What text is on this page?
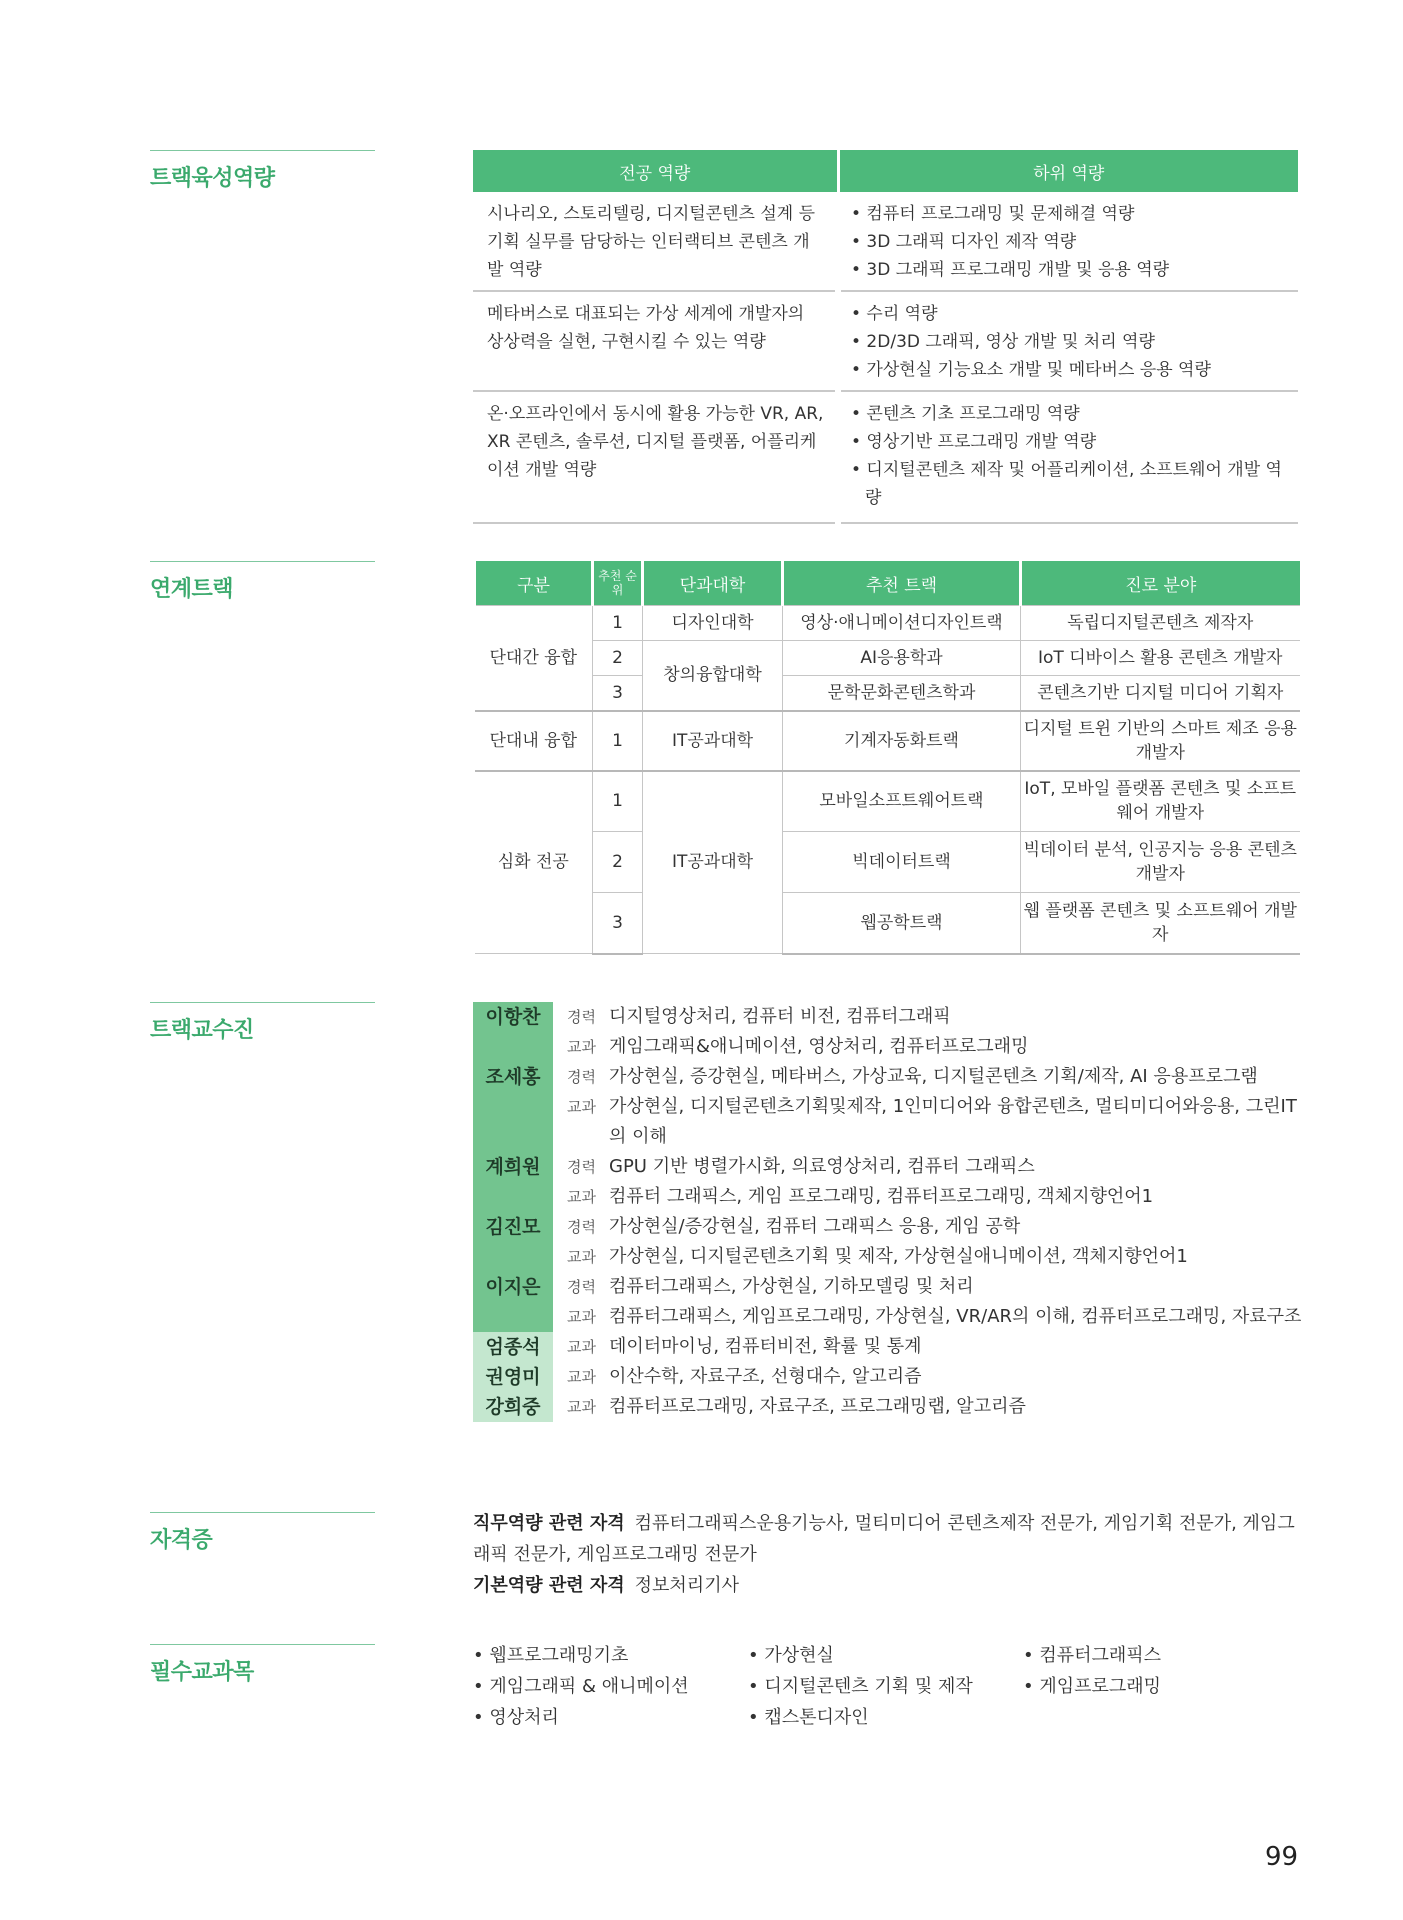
트랙육성역량
연계트랙
트랙교수진
자격증
필수교과목
전공 역량	하위 역량
시나리오, 스토리텔링, 디지털콘텐츠 설계 등 기획 실무를 담당하는 인터랙티브 콘텐츠 개발 역량	• 컴퓨터 프로그래밍 및 문제해결 역량
• 3D 그래픽 디자인 제작 역량
• 3D 그래픽 프로그래밍 개발 및 응용 역량

메타버스로 대표되는 가상 세계에 개발자의 상상력을 실현, 구현시킬 수 있는 역량	• 수리 역량
• 2D/3D 그래픽, 영상 개발 및 처리 역량
• 가상현실 기능요소 개발 및 메타버스 응용 역량

온·오프라인에서 동시에 활용 가능한 VR, AR, XR 콘텐츠, 솔루션, 디지털 플랫폼, 어플리케이션 개발 역량	• 콘텐츠 기초 프로그래밍 역량
• 영상기반 프로그래밍 개발 역량
• 디지털콘텐츠 제작 및 어플리케이션, 소프트웨어 개발 역량
구분	추천 순위	단과대학	추천 트랙	진로 분야
단대간 융합	1	디자인대학	영상·애니메이션디자인트랙	독립디지털콘텐츠 제작자
	2	창의융합대학	AI응용학과	IoT 디바이스 활용 콘텐츠 개발자
	3		문학문화콘텐츠학과	콘텐츠기반 디지털 미디어 기획자
단대내 융합	1	IT공과대학	기계자동화트랙	디지털 트윈 기반의 스마트 제조 응용 개발자
심화 전공	1	IT공과대학	모바일소프트웨어트랙	IoT, 모바일 플랫폼 콘텐츠 및 소프트웨어 개발자
	2		빅데이터트랙	빅데이터 분석, 인공지능 응용 콘텐츠 개발자
	3		웹공학트랙	웹 플랫폼 콘텐츠 및 소프트웨어 개발자
이항찬	경력 디지털영상처리, 컴퓨터 비전, 컴퓨터그래픽
교과 게임그래픽&애니메이션, 영상처리, 컴퓨터프로그래밍
조세홍	경력 가상현실, 증강현실, 메타버스, 가상교육, 디지털콘텐츠 기획/제작, AI 응용프로그램
교과 가상현실, 디지털콘텐츠기획및제작, 1인미디어와 융합콘텐츠, 멀티미디어와응용, 그린IT의 이해
계희원	경력 GPU 기반 병렬가시화, 의료영상처리, 컴퓨터 그래픽스
교과 컴퓨터 그래픽스, 게임 프로그래밍, 컴퓨터프로그래밍, 객체지향언어1
김진모	경력 가상현실/증강현실, 컴퓨터 그래픽스 응용, 게임 공학
교과 가상현실, 디지털콘텐츠기획 및 제작, 가상현실애니메이션, 객체지향언어1
이지은	경력 컴퓨터그래픽스, 가상현실, 기하모델링 및 처리
교과 컴퓨터그래픽스, 게임프로그래밍, 가상현실, VR/AR의 이해, 컴퓨터프로그래밍, 자료구조
엄종석	교과 데이터마이닝, 컴퓨터비전, 확률 및 통계
권영미	교과 이산수학, 자료구조, 선형대수, 알고리즘
강희중	교과 컴퓨터프로그래밍, 자료구조, 프로그래밍랩, 알고리즘
직무역량 관련 자격 컴퓨터그래픽스운용기능사, 멀티미디어 콘텐츠제작 전문가, 게임기획 전문가, 게임그래픽 전문가, 게임프로그래밍 전문가
기본역량 관련 자격 정보처리기사
• 웹프로그래밍기초	• 가상현실	• 컴퓨터그래픽스
• 게임그래픽 & 애니메이션	• 디지털콘텐츠 기획 및 제작	• 게임프로그래밍
• 영상처리	• 캡스톤디자인
99
